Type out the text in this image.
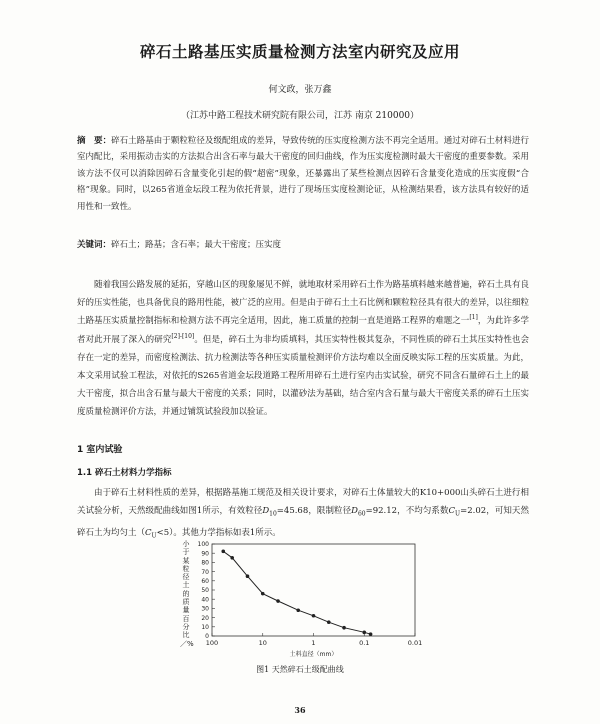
碎石土路基压实质量检测方法室内研究及应用
何文政，张万鑫
（江苏中路工程技术研究院有限公司，江苏 南京 210000）
摘　要：碎石土路基由于颗粒粒径及级配组成的差异，导致传统的压实度检测方法不再完全适用。通过对碎石土材料进行室内配比，采用振动击实的方法拟合出含石率与最大干密度的回归曲线，作为压实度检测时最大干密度的重要参数。采用该方法不仅可以消除因碎石含量变化引起的假“超密”现象，还暴露出了某些检测点因碎石含量变化造成的压实度假“合格”现象。同时，以265省道金坛段工程为依托背景，进行了现场压实度检测论证，从检测结果看，该方法具有较好的适用性和一致性。
关键词：碎石土；路基；含石率；最大干密度；压实度
随着我国公路发展的延拓，穿越山区的现象屡见不鲜，就地取材采用碎石土作为路基填料越来越普遍，碎石土具有良好的压实性能，也具备优良的路用性能，被广泛的应用。但是由于碎石土土石比例和颗粒粒径具有很大的差异，以往细粒土路基压实质量控制指标和检测方法不再完全适用，因此，施工质量的控制一直是道路工程界的难题之一[1]，为此许多学者对此开展了深入的研究[2]-[10]。但是，碎石土为非均质填料，其压实特性极其复杂，不同性质的碎石土其压实特性也会存在一定的差异，而密度检测法、抗力检测法等各种压实质量检测评价方法均难以全面反映实际工程的压实质量。为此，本文采用试验工程法，对依托的S265省道金坛段道路工程所用碎石土进行室内击实试验，研究不同含石量碎石土上的最大干密度，拟合出含石量与最大干密度的关系；同时，以灌砂法为基础，结合室内含石量与最大干密度关系的碎石土压实度质量检测评价方法，并通过铺筑试验段加以验证。
1 室内试验
1.1 碎石土材料力学指标
由于碎石土材料性质的差异，根据路基施工规范及相关设计要求，对碎石土体量较大的K10+000山头碎石土进行相关试验分析，天然级配曲线如图1所示，有效粒径$D_{10}=45.68$，限制粒径$D_{60}=92.12$，不均匀系数$C_U=2.02$，可知天然碎石土为均匀土$(C_U<5)$。其他力学指标如表1所示。
小于某粒径土的质量百分比／%
0
10
20
30
40
50
60
70
80
90
100
100	10	1	0.1	0.01
土料直径（mm）
图1 天然碎石土级配曲线
36
